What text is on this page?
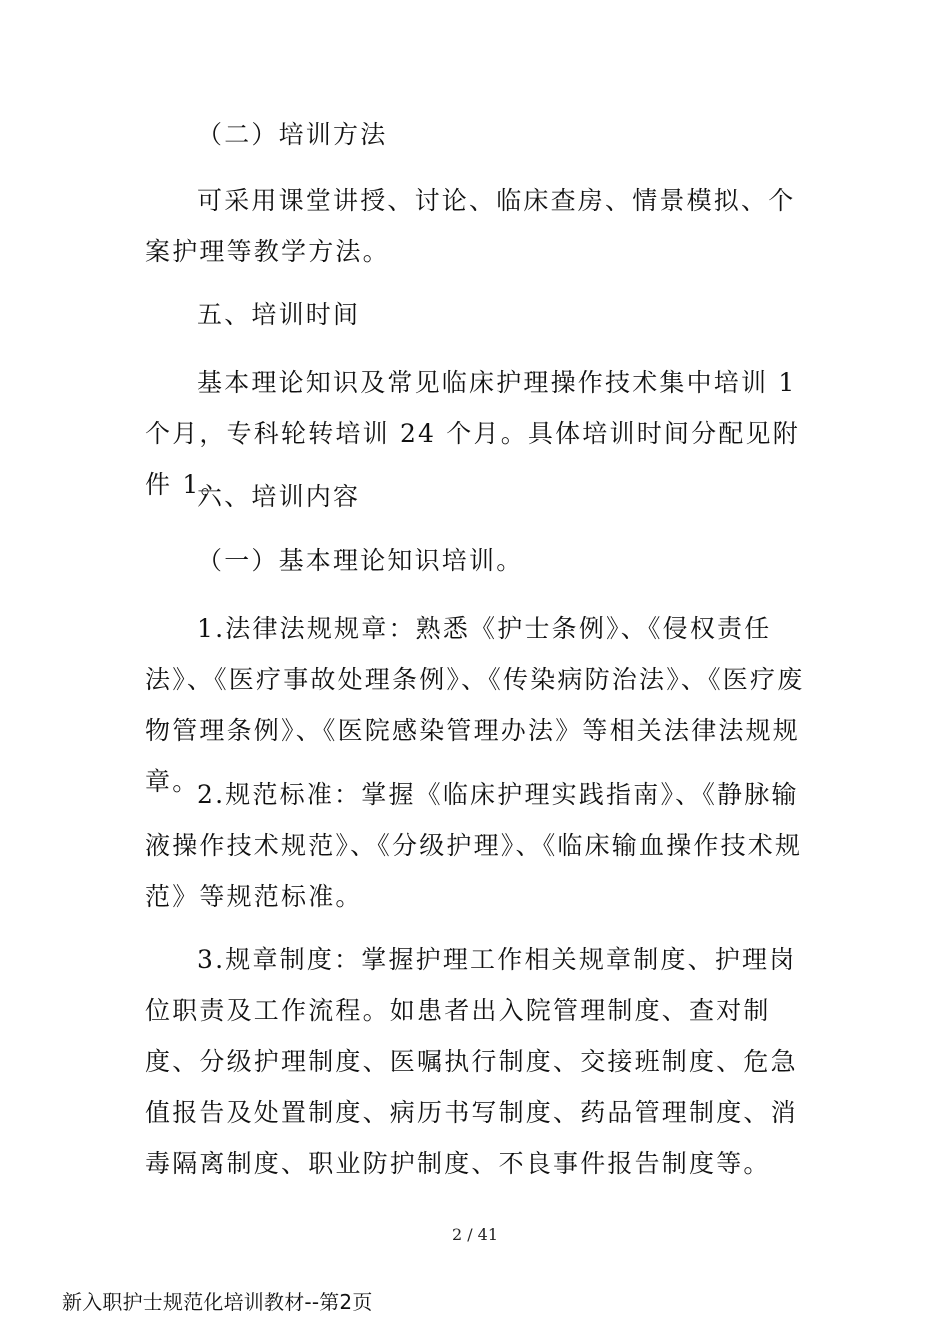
（二）培训方法

可采用课堂讲授、讨论、临床查房、情景模拟、个案护理等教学方法。

五、培训时间

基本理论知识及常见临床护理操作技术集中培训 1 个月，专科轮转培训 24 个月。具体培训时间分配见附件 1。

六、培训内容

（一）基本理论知识培训。

1.法律法规规章：熟悉《护士条例》、《侵权责任法》、《医疗事故处理条例》、《传染病防治法》、《医疗废物管理条例》、《医院感染管理办法》等相关法律法规规章。

2.规范标准：掌握《临床护理实践指南》、《静脉输液操作技术规范》、《分级护理》、《临床输血操作技术规范》等规范标准。

3.规章制度：掌握护理工作相关规章制度、护理岗位职责及工作流程。如患者出入院管理制度、查对制度、分级护理制度、医嘱执行制度、交接班制度、危急值报告及处置制度、病历书写制度、药品管理制度、消毒隔离制度、职业防护制度、不良事件报告制度等。

2 / 41
新入职护士规范化培训教材--第2页
